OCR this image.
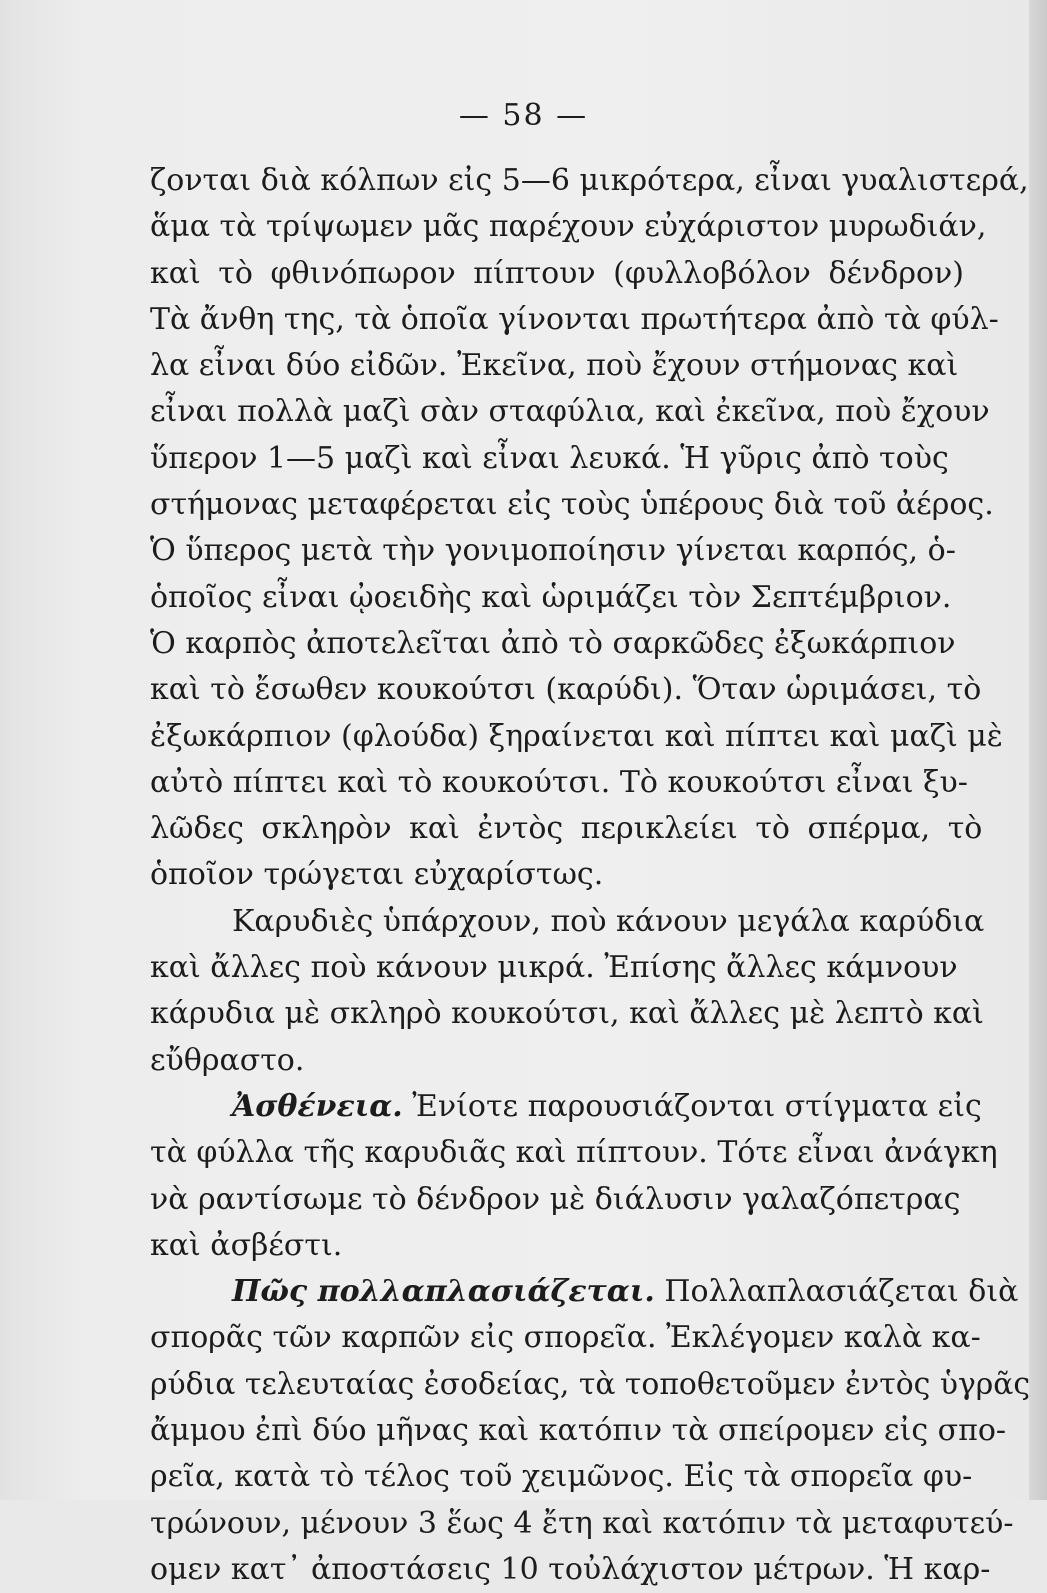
— 58 —
ζονται διὰ κόλπων εἰς 5—6 μικρότερα, εἶναι γυαλιστερά,
ἅμα τὰ τρίψωμεν μᾶς παρέχουν εὐχάριστον μυρωδιάν,
καὶ τὸ φθινόπωρον πίπτουν (φυλλοβόλον δένδρον)
Τὰ ἄνθη της, τὰ ὁποῖα γίνονται πρωτήτερα ἀπὸ τὰ φύλ-
λα εἶναι δύο εἰδῶν. Ἐκεῖνα, ποὺ ἔχουν στήμονας καὶ
εἶναι πολλὰ μαζὶ σὰν σταφύλια, καὶ ἐκεῖνα, ποὺ ἔχουν
ὕπερον 1—5 μαζὶ καὶ εἶναι λευκά. Ἡ γῦρις ἀπὸ τοὺς
στήμονας μεταφέρεται εἰς τοὺς ὑπέρους διὰ τοῦ ἀέρος.
Ὁ ὕπερος μετὰ τὴν γονιμοποίησιν γίνεται καρπός, ὁ-
ὁποῖος εἶναι ᾠοειδὴς καὶ ὡριμάζει τὸν Σεπτέμβριον.
Ὁ καρπὸς ἀποτελεῖται ἀπὸ τὸ σαρκῶδες ἐξωκάρπιον
καὶ τὸ ἔσωθεν κουκούτσι (καρύδι). Ὅταν ὡριμάσει, τὸ
ἐξωκάρπιον (φλούδα) ξηραίνεται καὶ πίπτει καὶ μαζὶ μὲ
αὐτὸ πίπτει καὶ τὸ κουκούτσι. Τὸ κουκούτσι εἶναι ξυ-
λῶδες σκληρὸν καὶ ἐντὸς περικλείει τὸ σπέρμα, τὸ
ὁποῖον τρώγεται εὐχαρίστως.
Καρυδιὲς ὑπάρχουν, ποὺ κάνουν μεγάλα καρύδια
καὶ ἄλλες ποὺ κάνουν μικρά. Ἐπίσης ἄλλες κάμνουν
κάρυδια μὲ σκληρὸ κουκούτσι, καὶ ἄλλες μὲ λεπτὸ καὶ
εὔθραστο.
Ἀσθένεια. Ἐνίοτε παρουσιάζονται στίγματα εἰς
τὰ φύλλα τῆς καρυδιᾶς καὶ πίπτουν. Τότε εἶναι ἀνάγκη
νὰ ραντίσωμε τὸ δένδρον μὲ διάλυσιν γαλαζόπετρας
καὶ ἀσβέστι.
Πῶς πολλαπλασιάζεται. Πολλαπλασιάζεται διὰ
σπορᾶς τῶν καρπῶν εἰς σπορεῖα. Ἐκλέγομεν καλὰ κα-
ρύδια τελευταίας ἐσοδείας, τὰ τοποθετοῦμεν ἐντὸς ὑγρᾶς
ἄμμου ἐπὶ δύο μῆνας καὶ κατόπιν τὰ σπείρομεν εἰς σπο-
ρεῖα, κατὰ τὸ τέλος τοῦ χειμῶνος. Εἰς τὰ σπορεῖα φυ-
τρώνουν, μένουν 3 ἕως 4 ἔτη καὶ κατόπιν τὰ μεταφυτεύ-
ομεν κατ᾽ ἀποστάσεις 10 τοὐλάχιστον μέτρων. Ἡ καρ-
